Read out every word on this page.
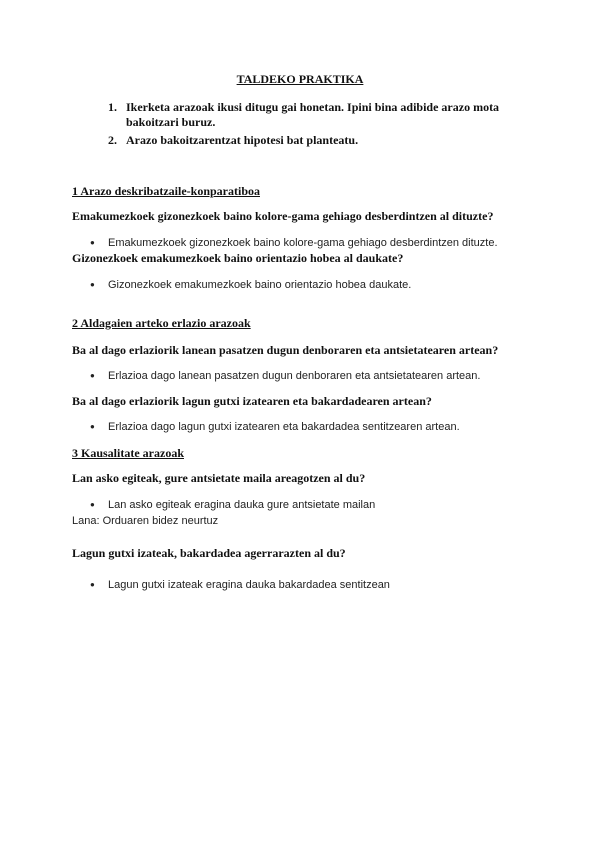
TALDEKO PRAKTIKA
1. Ikerketa arazoak ikusi ditugu gai honetan. Ipini bina adibide arazo mota
bakoitzari buruz.
2. Arazo bakoitzarentzat hipotesi bat planteatu.
1 Arazo deskribatzaile-konparatiboa
Emakumezkoek gizonezkoek baino kolore-gama gehiago desberdintzen al dituzte?
● Emakumezkoek gizonezkoek baino kolore-gama gehiago desberdintzen dituzte.
Gizonezkoek emakumezkoek baino orientazio hobea al daukate?
● Gizonezkoek emakumezkoek baino orientazio hobea daukate.
2 Aldagaien arteko erlazio arazoak
Ba al dago erlaziorik lanean pasatzen dugun denboraren eta antsietatearen artean?
● Erlazioa dago lanean pasatzen dugun denboraren eta antsietatearen artean.
Ba al dago erlaziorik lagun gutxi izatearen eta bakardadearen artean?
● Erlazioa dago lagun gutxi izatearen eta bakardadea sentitzearen artean.
3 Kausalitate arazoak
Lan asko egiteak, gure antsietate maila areagotzen al du?
● Lan asko egiteak eragina dauka gure antsietate mailan
Lana: Orduaren bidez neurtuz
Lagun gutxi izateak, bakardadea agerrarazten al du?
● Lagun gutxi izateak eragina dauka bakardadea sentitzean
